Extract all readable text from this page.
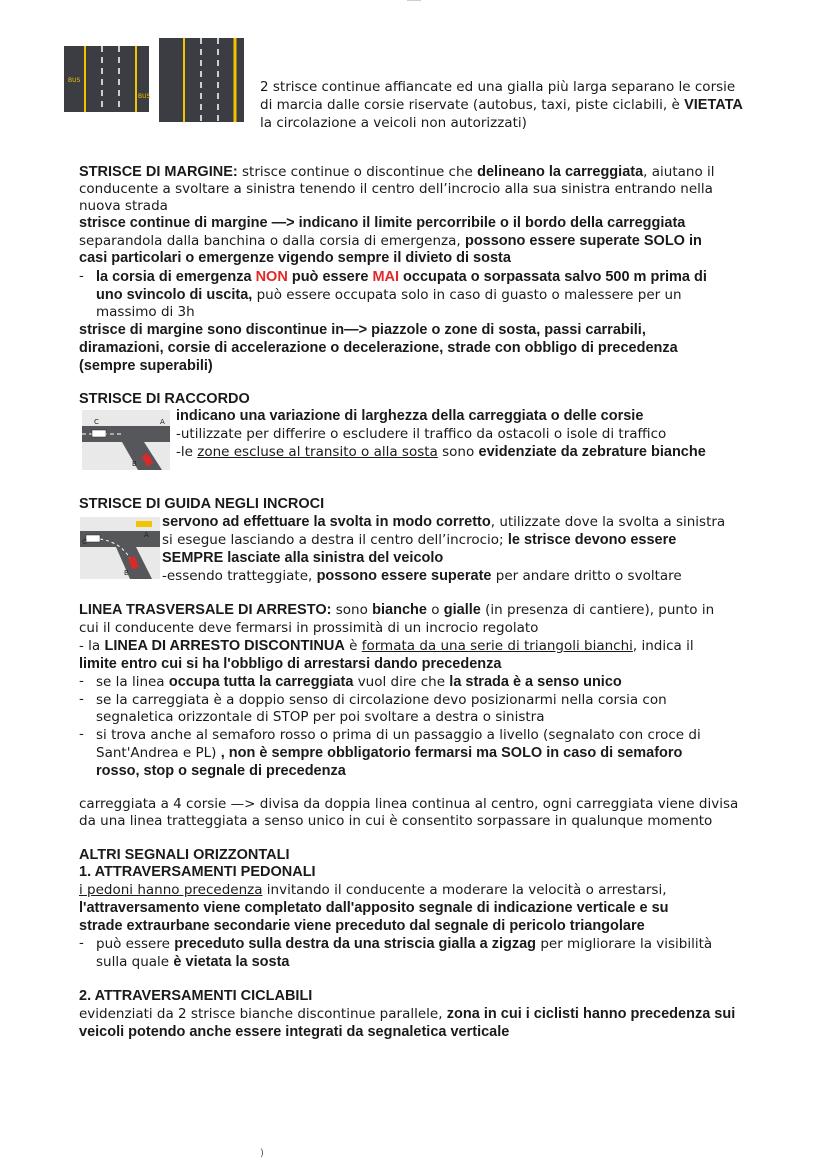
BUS
BUS
2 strisce continue affiancate ed una gialla più larga separano le corsie
di marcia dalle corsie riservate (autobus, taxi, piste ciclabili, è VIETATA
la circolazione a veicoli non autorizzati)
STRISCE DI MARGINE: strisce continue o discontinue che delineano la carreggiata, aiutano il
conducente a svoltare a sinistra tenendo il centro dell’incrocio alla sua sinistra entrando nella
nuova strada
strisce continue di margine —> indicano il limite percorribile o il bordo della carreggiata
separandola dalla banchina o dalla corsia di emergenza, possono essere superate SOLO in
casi particolari o emergenze vigendo sempre il divieto di sosta
- la corsia di emergenza NON può essere MAI occupata o sorpassata salvo 500 m prima di
uno svincolo di uscita, può essere occupata solo in caso di guasto o malessere per un
massimo di 3h
strisce di margine sono discontinue in—> piazzole o zone di sosta, passi carrabili,
diramazioni, corsie di accelerazione o decelerazione, strade con obbligo di precedenza
(sempre superabili)
STRISCE DI RACCORDO
C	A
B
indicano una variazione di larghezza della carreggiata o delle corsie
-utilizzate per differire o escludere il traffico da ostacoli o isole di traffico
-le zone escluse al transito o alla sosta sono evidenziate da zebrature bianche
STRISCE DI GUIDA NEGLI INCROCI
C
A
B
servono ad effettuare la svolta in modo corretto, utilizzate dove la svolta a sinistra
si esegue lasciando a destra il centro dell’incrocio; le strisce devono essere
SEMPRE lasciate alla sinistra del veicolo
-essendo tratteggiate, possono essere superate per andare dritto o svoltare
LINEA TRASVERSALE DI ARRESTO: sono bianche o gialle (in presenza di cantiere), punto in
cui il conducente deve fermarsi in prossimità di un incrocio regolato
- la LINEA DI ARRESTO DISCONTINUA è formata da una serie di triangoli bianchi, indica il
limite entro cui si ha l'obbligo di arrestarsi dando precedenza
- se la linea occupa tutta la carreggiata vuol dire che la strada è a senso unico
- se la carreggiata è a doppio senso di circolazione devo posizionarmi nella corsia con
segnaletica orizzontale di STOP per poi svoltare a destra o sinistra
- si trova anche al semaforo rosso o prima di un passaggio a livello (segnalato con croce di
Sant'Andrea e PL) , non è sempre obbligatorio fermarsi ma SOLO in caso di semaforo
rosso, stop o segnale di precedenza
carreggiata a 4 corsie —> divisa da doppia linea continua al centro, ogni carreggiata viene divisa
da una linea tratteggiata a senso unico in cui è consentito sorpassare in qualunque momento
ALTRI SEGNALI ORIZZONTALI
1. ATTRAVERSAMENTI PEDONALI
i pedoni hanno precedenza invitando il conducente a moderare la velocità o arrestarsi,
l'attraversamento viene completato dall'apposito segnale di indicazione verticale e su
strade extraurbane secondarie viene preceduto dal segnale di pericolo triangolare
- può essere preceduto sulla destra da una striscia gialla a zigzag per migliorare la visibilità
sulla quale è vietata la sosta
2. ATTRAVERSAMENTI CICLABILI
evidenziati da 2 strisce bianche discontinue parallele, zona in cui i ciclisti hanno precedenza sui
veicoli potendo anche essere integrati da segnaletica verticale
)
